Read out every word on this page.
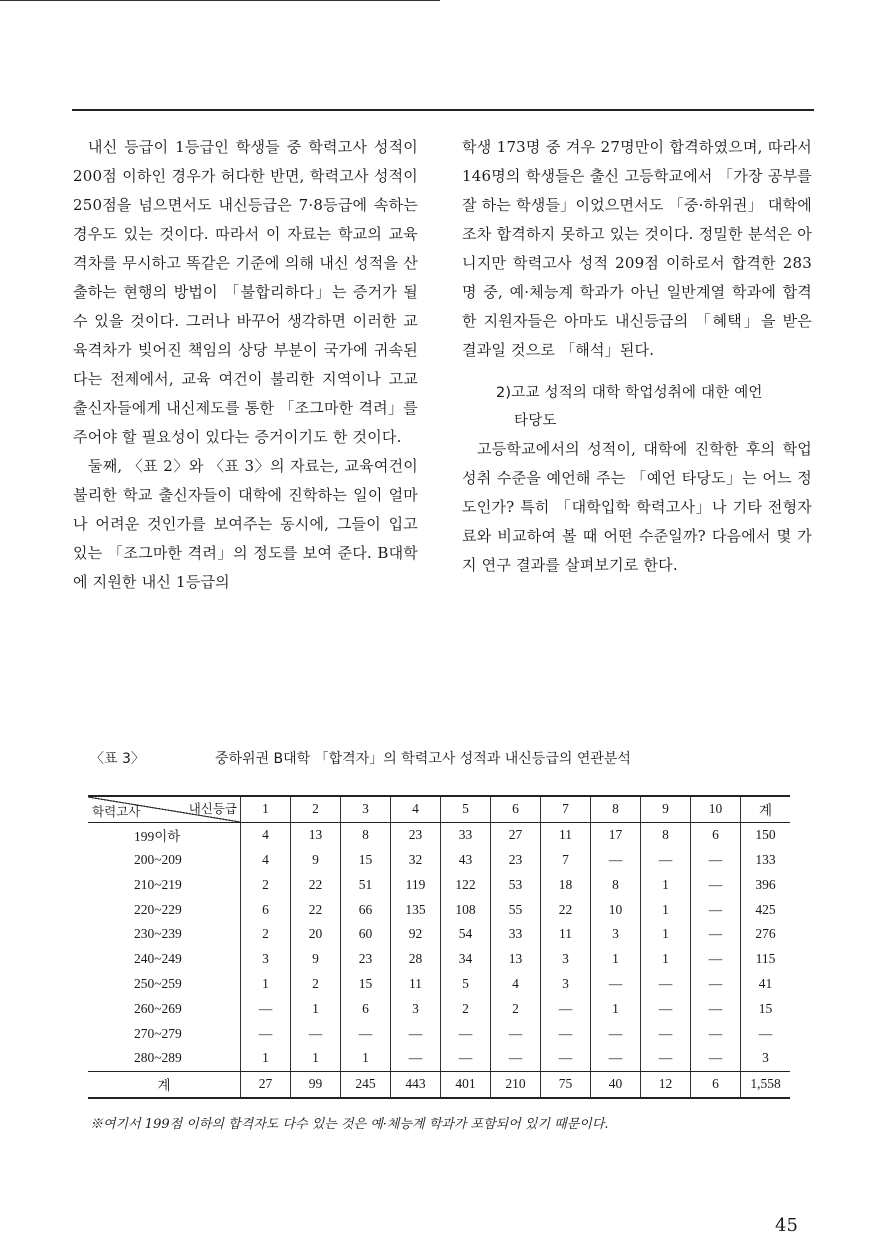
내신 등급이 1등급인 학생들 중 학력고사 성적이 200점 이하인 경우가 허다한 반면, 학력고사 성적이 250점을 넘으면서도 내신등급은 7·8등급에 속하는 경우도 있는 것이다. 따라서 이 자료는 학교의 교육격차를 무시하고 똑같은 기준에 의해 내신 성적을 산출하는 현행의 방법이 「불합리하다」는 증거가 될 수 있을 것이다. 그러나 바꾸어 생각하면 이러한 교육격차가 빚어진 책임의 상당 부분이 국가에 귀속된다는 전제에서, 교육 여건이 불리한 지역이나 고교 출신자들에게 내신제도를 통한 「조그마한 격려」를 주어야 할 필요성이 있다는 증거이기도 한 것이다.

둘째, 〈표 2〉와 〈표 3〉의 자료는, 교육여건이 불리한 학교 출신자들이 대학에 진학하는 일이 얼마나 어려운 것인가를 보여주는 동시에, 그들이 입고 있는 「조그마한 격려」의 정도를 보여 준다. B대학에 지원한 내신 1등급의

학생 173명 중 겨우 27명만이 합격하였으며, 따라서 146명의 학생들은 출신 고등학교에서 「가장 공부를 잘 하는 학생들」이었으면서도 「중·하위권」 대학에조차 합격하지 못하고 있는 것이다. 정밀한 분석은 아니지만 학력고사 성적 209점 이하로서 합격한 283명 중, 예·체능계 학과가 아닌 일반계열 학과에 합격한 지원자들은 아마도 내신등급의 「혜택」을 받은 결과일 것으로 「해석」된다.

2)고교 성적의 대학 학업성취에 대한 예언
타당도

고등학교에서의 성적이, 대학에 진학한 후의 학업성취 수준을 예언해 주는 「예언 타당도」는 어느 정도인가? 특히 「대학입학 학력고사」나 기타 전형자료와 비교하여 볼 때 어떤 수준일까? 다음에서 몇 가지 연구 결과를 살펴보기로 한다.

〈표 3〉	중하위권 B대학 「합격자」의 학력고사 성적과 내신등급의 연관분석
학력고사 내신등급	1	2	3	4	5	6	7	8	9	10	계
199이하	4	13	8	23	33	27	11	17	8	6	150
200~209	4	9	15	32	43	23	7	—	—	—	133
210~219	2	22	51	119	122	53	18	8	1	—	396
220~229	6	22	66	135	108	55	22	10	1	—	425
230~239	2	20	60	92	54	33	11	3	1	—	276
240~249	3	9	23	28	34	13	3	1	1	—	115
250~259	1	2	15	11	5	4	3	—	—	—	41
260~269	—	1	6	3	2	2	—	1	—	—	15
270~279	—	—	—	—	—	—	—	—	—	—	—
280~289	1	1	1	—	—	—	—	—	—	—	3
계	27	99	245	443	401	210	75	40	12	6	1,558
※여기서 199점 이하의 합격자도 다수 있는 것은 예·체능계 학과가 포함되어 있기 때문이다.
45
